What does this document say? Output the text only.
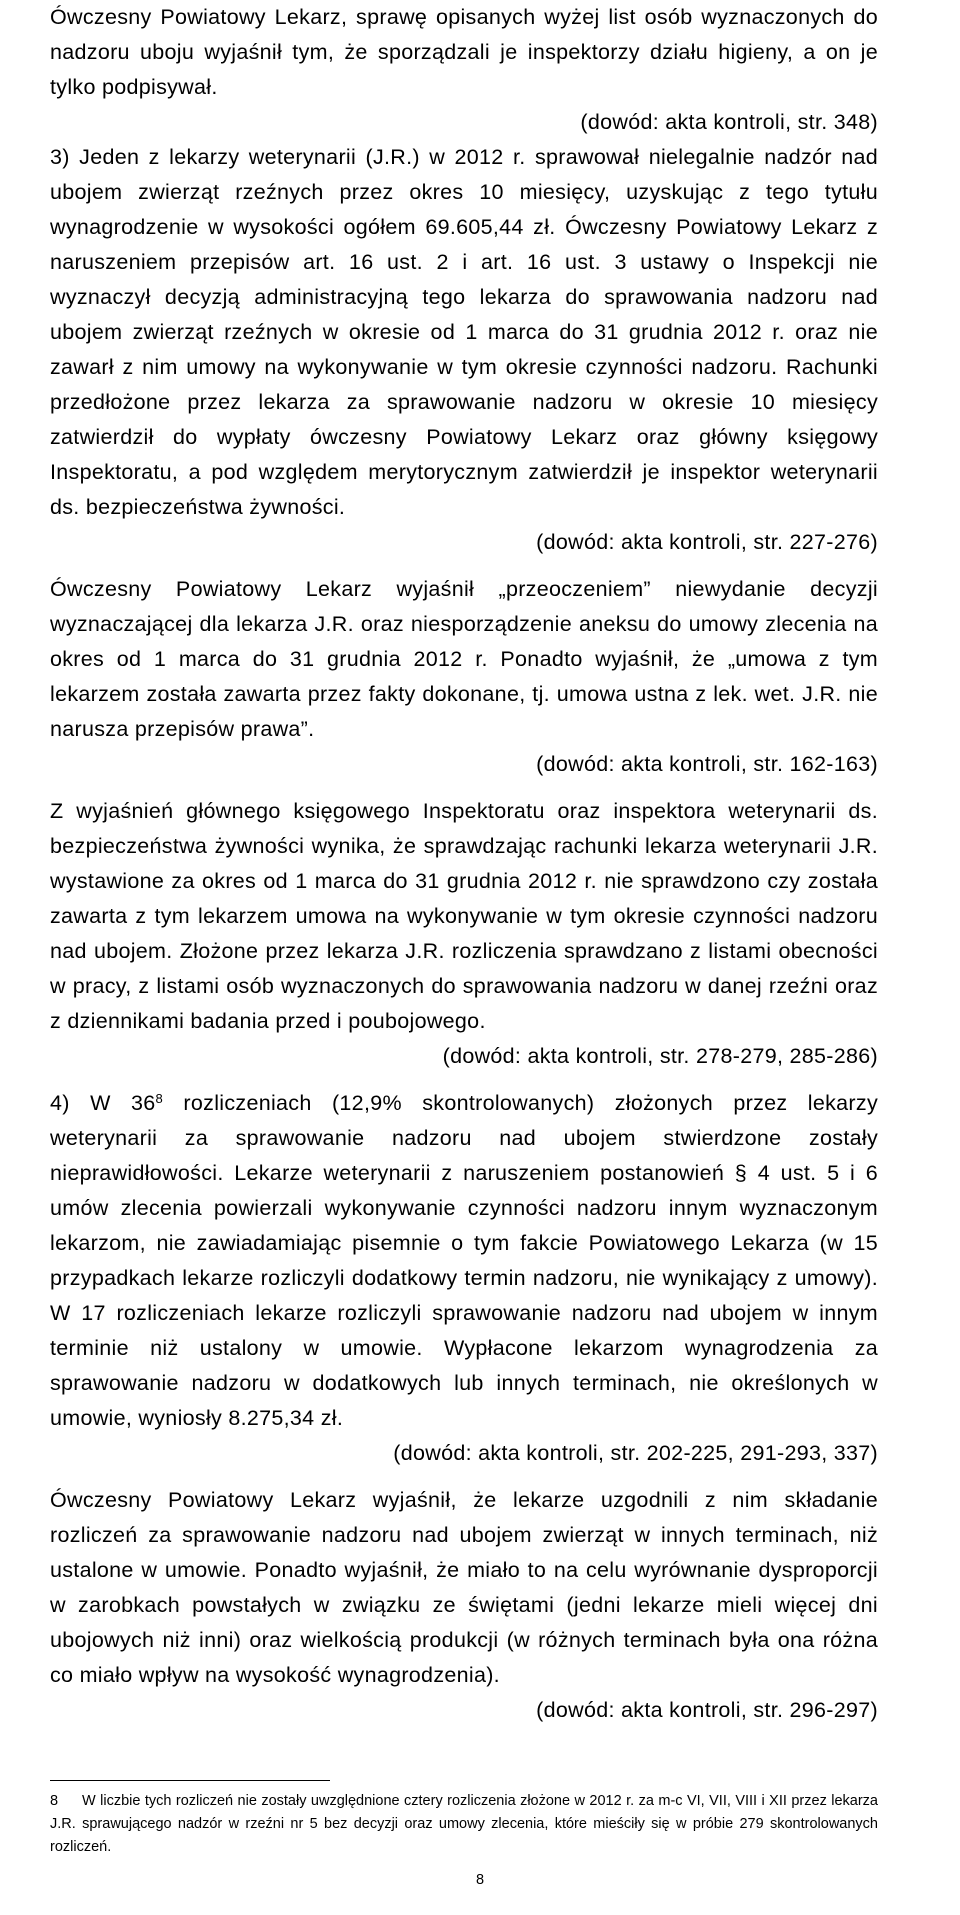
Ówczesny Powiatowy Lekarz, sprawę opisanych wyżej list osób wyznaczonych do nadzoru uboju wyjaśnił tym, że sporządzali je inspektorzy działu higieny, a on je tylko podpisywał.

(dowód: akta kontroli, str. 348)

3) Jeden z lekarzy weterynarii (J.R.) w 2012 r. sprawował nielegalnie nadzór nad ubojem zwierząt rzeźnych przez okres 10 miesięcy, uzyskując z tego tytułu wynagrodzenie w wysokości ogółem 69.605,44 zł. Ówczesny Powiatowy Lekarz z naruszeniem przepisów art. 16 ust. 2 i art. 16 ust. 3 ustawy o Inspekcji nie wyznaczył decyzją administracyjną tego lekarza do sprawowania nadzoru nad ubojem zwierząt rzeźnych w okresie od 1 marca do 31 grudnia 2012 r. oraz nie zawarł z nim umowy na wykonywanie w tym okresie czynności nadzoru. Rachunki przedłożone przez lekarza za sprawowanie nadzoru w okresie 10 miesięcy zatwierdził do wypłaty ówczesny Powiatowy Lekarz oraz główny księgowy Inspektoratu, a pod względem merytorycznym zatwierdził je inspektor weterynarii ds. bezpieczeństwa żywności.

(dowód: akta kontroli, str. 227-276)

Ówczesny Powiatowy Lekarz wyjaśnił „przeoczeniem” niewydanie decyzji wyznaczającej dla lekarza J.R. oraz niesporządzenie aneksu do umowy zlecenia na okres od 1 marca do 31 grudnia 2012 r. Ponadto wyjaśnił, że „umowa z tym lekarzem została zawarta przez fakty dokonane, tj. umowa ustna z lek. wet. J.R. nie narusza przepisów prawa”.

(dowód: akta kontroli, str. 162-163)

Z wyjaśnień głównego księgowego Inspektoratu oraz inspektora weterynarii ds. bezpieczeństwa żywności wynika, że sprawdzając rachunki lekarza weterynarii J.R. wystawione za okres od 1 marca do 31 grudnia 2012 r. nie sprawdzono czy została zawarta z tym lekarzem umowa na wykonywanie w tym okresie czynności nadzoru nad ubojem. Złożone przez lekarza J.R. rozliczenia sprawdzano z listami obecności w pracy, z listami osób wyznaczonych do sprawowania nadzoru w danej rzeźni oraz z dziennikami badania przed i poubojowego.

(dowód: akta kontroli, str. 278-279, 285-286)

4) W $36^8$ rozliczeniach (12,9% skontrolowanych) złożonych przez lekarzy weterynarii za sprawowanie nadzoru nad ubojem stwierdzone zostały nieprawidłowości. Lekarze weterynarii z naruszeniem postanowień § 4 ust. 5 i 6 umów zlecenia powierzali wykonywanie czynności nadzoru innym wyznaczonym lekarzom, nie zawiadamiając pisemnie o tym fakcie Powiatowego Lekarza (w 15 przypadkach lekarze rozliczyli dodatkowy termin nadzoru, nie wynikający z umowy). W 17 rozliczeniach lekarze rozliczyli sprawowanie nadzoru nad ubojem w innym terminie niż ustalony w umowie. Wypłacone lekarzom wynagrodzenia za sprawowanie nadzoru w dodatkowych lub innych terminach, nie określonych w umowie, wyniosły 8.275,34 zł.

(dowód: akta kontroli, str. 202-225, 291-293, 337)

Ówczesny Powiatowy Lekarz wyjaśnił, że lekarze uzgodnili z nim składanie rozliczeń za sprawowanie nadzoru nad ubojem zwierząt w innych terminach, niż ustalone w umowie. Ponadto wyjaśnił, że miało to na celu wyrównanie dysproporcji w zarobkach powstałych w związku ze świętami (jedni lekarze mieli więcej dni ubojowych niż inni) oraz wielkością produkcji (w różnych terminach była ona różna co miało wpływ na wysokość wynagrodzenia).

(dowód: akta kontroli, str. 296-297)

8 W liczbie tych rozliczeń nie zostały uwzględnione cztery rozliczenia złożone w 2012 r. za m-c VI, VII, VIII i XII przez lekarza J.R. sprawującego nadzór w rzeźni nr 5 bez decyzji oraz umowy zlecenia, które mieściły się w próbie 279 skontrolowanych rozliczeń.
8
